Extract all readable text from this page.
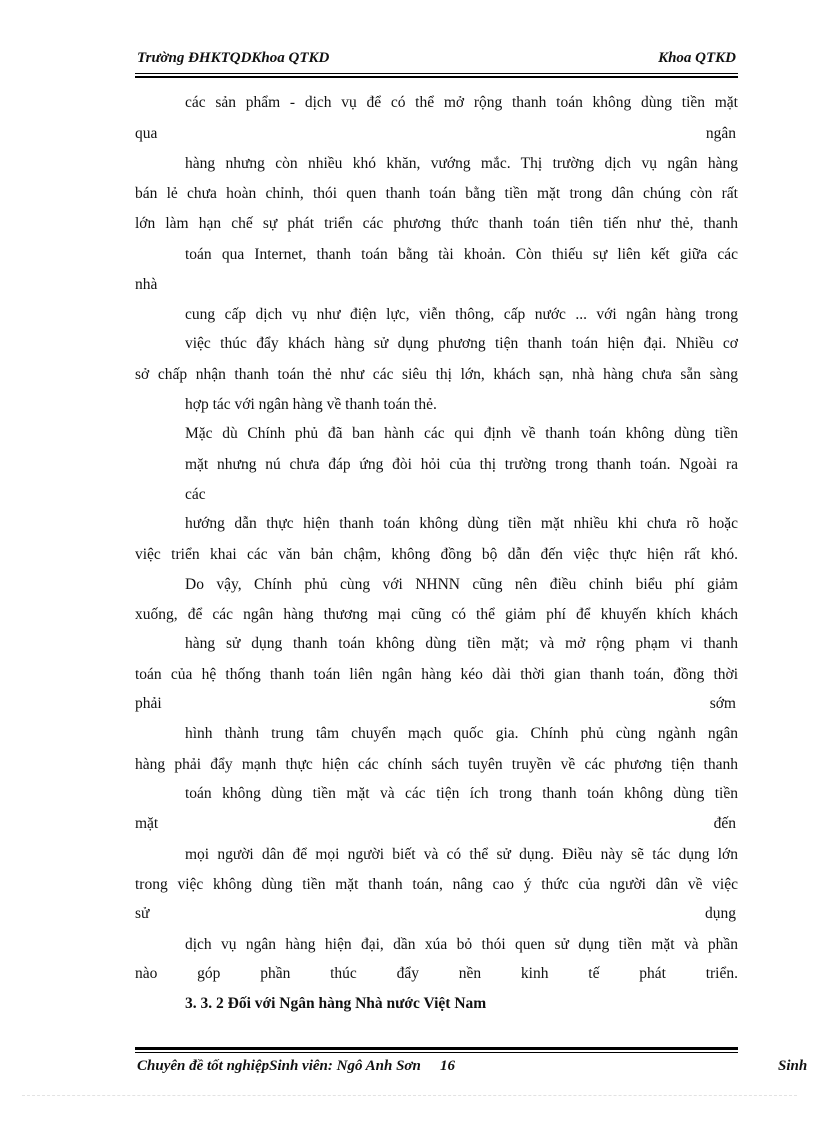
Trường ĐHKTQDKhoa QTKD	Khoa QTKD
các sản phẩm - dịch vụ để có thể mở rộng thanh toán không dùng tiền mặt
qua	ngân
hàng nhưng còn nhiều khó khăn, vướng mắc. Thị trường dịch vụ ngân hàng
bán lẻ chưa hoàn chỉnh, thói quen thanh toán bằng tiền mặt trong dân chúng còn rất
lớn làm hạn chế sự phát triển các phương thức thanh toán tiên tiến như thẻ, thanh
toán qua Internet, thanh toán bằng tài khoản. Còn thiếu sự liên kết giữa các
nhà
cung cấp dịch vụ như điện lực, viễn thông, cấp nước ... với ngân hàng trong
việc thúc đẩy khách hàng sử dụng phương tiện thanh toán hiện đại. Nhiều cơ
sở chấp nhận thanh toán thẻ như các siêu thị lớn, khách sạn, nhà hàng chưa sẵn sàng
hợp tác với ngân hàng về thanh toán thẻ.
Mặc dù Chính phủ đã ban hành các qui định về thanh toán không dùng tiền
mặt nhưng nú chưa đáp ứng đòi hỏi của thị trường trong thanh toán. Ngoài ra
các
hướng dẫn thực hiện thanh toán không dùng tiền mặt nhiều khi chưa rõ hoặc
việc triển khai các văn bản chậm, không đồng bộ dẫn đến việc thực hiện rất khó.
Do vậy, Chính phủ cùng với NHNN cũng nên điều chỉnh biểu phí giảm
xuống, để các ngân hàng thương mại cũng có thể giảm phí để khuyến khích khách
hàng sử dụng thanh toán không dùng tiền mặt; và mở rộng phạm vi thanh
toán của hệ thống thanh toán liên ngân hàng kéo dài thời gian thanh toán, đồng thời
phải	sớm
hình thành trung tâm chuyển mạch quốc gia. Chính phủ cùng ngành ngân
hàng phải đẩy mạnh thực hiện các chính sách tuyên truyền về các phương tiện thanh
toán không dùng tiền mặt và các tiện ích trong thanh toán không dùng tiền
mặt	đến
mọi người dân để mọi người biết và có thể sử dụng. Điều này sẽ tác dụng lớn
trong việc không dùng tiền mặt thanh toán, nâng cao ý thức của người dân về việc
sử	dụng
dịch vụ ngân hàng hiện đại, dần xúa bỏ thói quen sử dụng tiền mặt và phần
nào góp phần thúc đẩy nền kinh tế phát triển.
3. 3. 2 Đối với Ngân hàng Nhà nước Việt Nam
Chuyên đề tốt nghiệpSinh viên: Ngô Anh Sơn 16	Sinh
